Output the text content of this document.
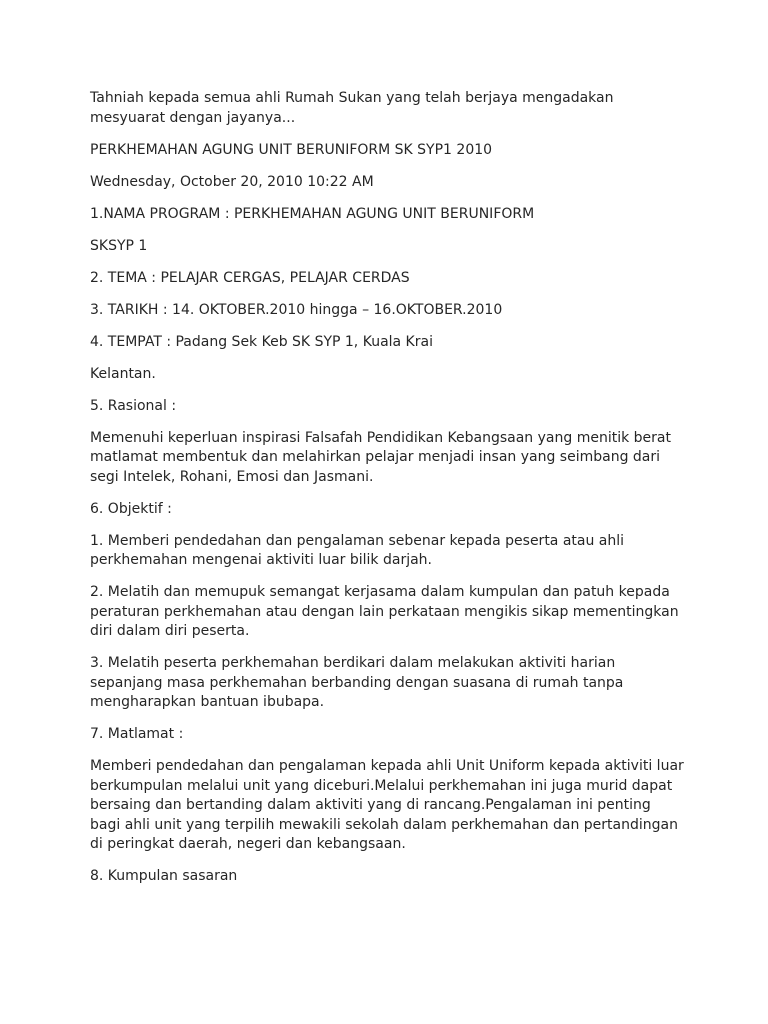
Tahniah kepada semua ahli Rumah Sukan yang telah berjaya mengadakan
mesyuarat dengan jayanya...

PERKHEMAHAN AGUNG UNIT BERUNIFORM SK SYP1 2010

Wednesday, October 20, 2010 10:22 AM

1.NAMA PROGRAM : PERKHEMAHAN AGUNG UNIT BERUNIFORM

SKSYP 1

2. TEMA : PELAJAR CERGAS, PELAJAR CERDAS

3. TARIKH : 14. OKTOBER.2010 hingga – 16.OKTOBER.2010

4. TEMPAT : Padang Sek Keb SK SYP 1, Kuala Krai

Kelantan.

5. Rasional :

Memenuhi keperluan inspirasi Falsafah Pendidikan Kebangsaan yang menitik berat
matlamat membentuk dan melahirkan pelajar menjadi insan yang seimbang dari
segi Intelek, Rohani, Emosi dan Jasmani.

6. Objektif :

1. Memberi pendedahan dan pengalaman sebenar kepada peserta atau ahli
perkhemahan mengenai aktiviti luar bilik darjah.

2. Melatih dan memupuk semangat kerjasama dalam kumpulan dan patuh kepada
peraturan perkhemahan atau dengan lain perkataan mengikis sikap mementingkan
diri dalam diri peserta.

3. Melatih peserta perkhemahan berdikari dalam melakukan aktiviti harian
sepanjang masa perkhemahan berbanding dengan suasana di rumah tanpa
mengharapkan bantuan ibubapa.

7. Matlamat :

Memberi pendedahan dan pengalaman kepada ahli Unit Uniform kepada aktiviti luar
berkumpulan melalui unit yang diceburi.Melalui perkhemahan ini juga murid dapat
bersaing dan bertanding dalam aktiviti yang di rancang.Pengalaman ini penting
bagi ahli unit yang terpilih mewakili sekolah dalam perkhemahan dan pertandingan
di peringkat daerah, negeri dan kebangsaan.

8. Kumpulan sasaran
